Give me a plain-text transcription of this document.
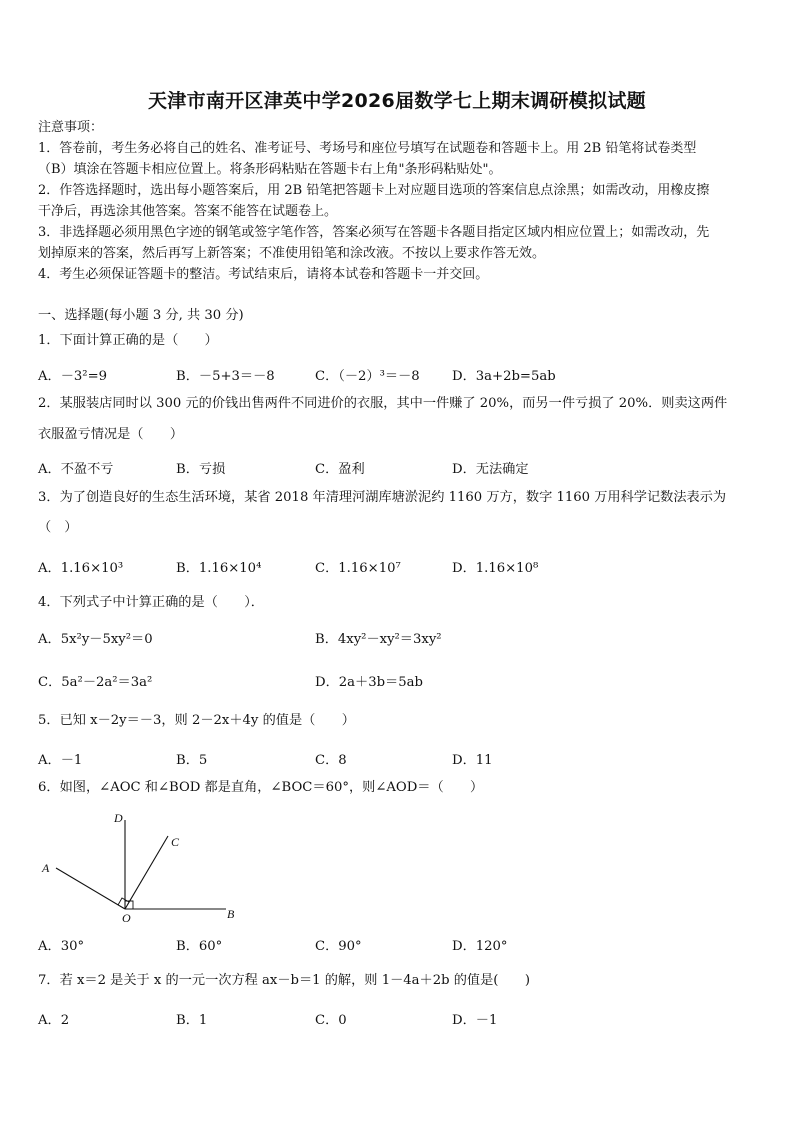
天津市南开区津英中学2026届数学七上期末调研模拟试题
注意事项：
1．答卷前，考生务必将自己的姓名、准考证号、考场号和座位号填写在试题卷和答题卡上。用 2B 铅笔将试卷类型
（B）填涂在答题卡相应位置上。将条形码粘贴在答题卡右上角"条形码粘贴处"。
2．作答选择题时，选出每小题答案后，用 2B 铅笔把答题卡上对应题目选项的答案信息点涂黑；如需改动，用橡皮擦
干净后，再选涂其他答案。答案不能答在试题卷上。
3．非选择题必须用黑色字迹的钢笔或签字笔作答，答案必须写在答题卡各题目指定区域内相应位置上；如需改动，先
划掉原来的答案，然后再写上新答案；不准使用铅笔和涂改液。不按以上要求作答无效。
4．考生必须保证答题卡的整洁。考试结束后，请将本试卷和答题卡一并交回。
一、选择题(每小题 3 分, 共 30 分)
1．下面计算正确的是（　　）
A．－3²=9	B．－5+3＝－8	C．（－2）³＝－8 D．3a+2b=5ab
2．某服装店同时以 300 元的价钱出售两件不同进价的衣服，其中一件赚了 20%，而另一件亏损了 20%．则卖这两件
衣服盈亏情况是（　　）
A．不盈不亏	B．亏损	C．盈利	D．无法确定
3．为了创造良好的生态生活环境，某省 2018 年清理河湖库塘淤泥约 1160 万方，数字 1160 万用科学记数法表示为
（　）
A．1.16×10³	B．1.16×10⁴	C．1.16×10⁷	D．1.16×10⁸
4．下列式子中计算正确的是（　　）．
A．5x²y－5xy²＝0	B．4xy²－xy²＝3xy²
C．5a²－2a²＝3a²	D．2a＋3b＝5ab
5．已知 x－2y＝－3，则 2－2x＋4y 的值是（　　）
A．－1	B．5	C．8	D．11
6．如图，∠AOC 和∠BOD 都是直角，∠BOC＝60°，则∠AOD＝（　　）
D
C
A
O	B
A．30°	B．60°	C．90°	D．120°
7．若 x＝2 是关于 x 的一元一次方程 ax－b＝1 的解，则 1－4a＋2b 的值是(　　)
A．2	B．1	C．0	D．－1
